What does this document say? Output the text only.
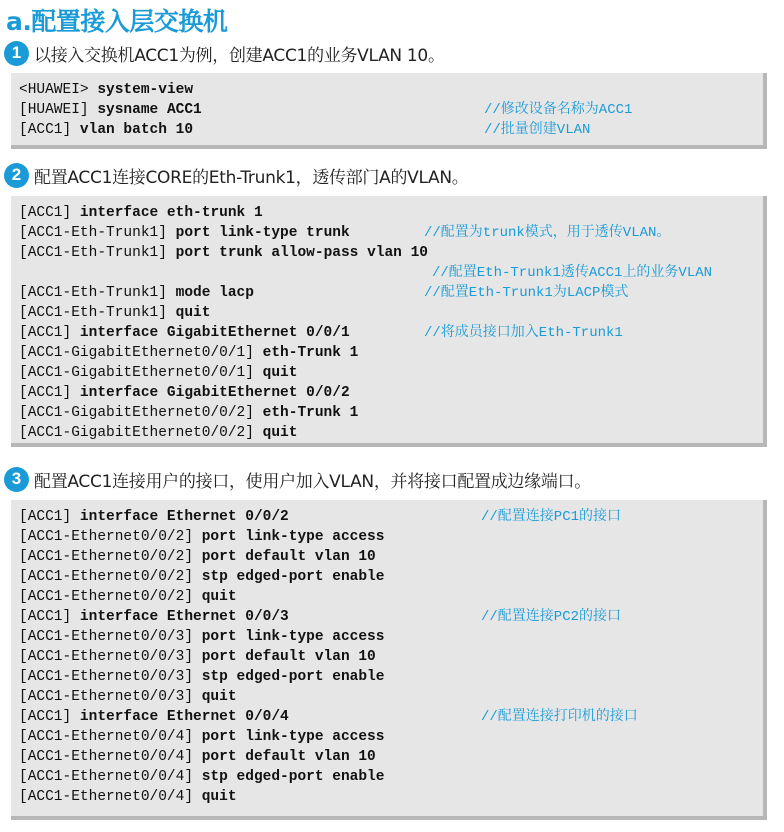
a.配置接入层交换机
1 以接入交换机ACC1为例，创建ACC1的业务VLAN 10。
2 配置ACC1连接CORE的Eth-Trunk1，透传部门A的VLAN。
3 配置ACC1连接用户的接口，使用户加入VLAN，并将接口配置成边缘端口。
<HUAWEI> system-view
[HUAWEI] sysname ACC1	//修改设备名称为ACC1
[ACC1] vlan batch 10	//批量创建VLAN
[ACC1] interface eth-trunk 1
[ACC1-Eth-Trunk1] port link-type trunk	//配置为trunk模式，用于透传VLAN。
[ACC1-Eth-Trunk1] port trunk allow-pass vlan 10
//配置Eth-Trunk1透传ACC1上的业务VLAN
[ACC1-Eth-Trunk1] mode lacp	//配置Eth-Trunk1为LACP模式
[ACC1-Eth-Trunk1] quit
[ACC1] interface GigabitEthernet 0/0/1	//将成员接口加入Eth-Trunk1
[ACC1-GigabitEthernet0/0/1] eth-Trunk 1
[ACC1-GigabitEthernet0/0/1] quit
[ACC1] interface GigabitEthernet 0/0/2
[ACC1-GigabitEthernet0/0/2] eth-Trunk 1
[ACC1-GigabitEthernet0/0/2] quit
[ACC1] interface Ethernet 0/0/2	//配置连接PC1的接口
[ACC1-Ethernet0/0/2] port link-type access
[ACC1-Ethernet0/0/2] port default vlan 10
[ACC1-Ethernet0/0/2] stp edged-port enable
[ACC1-Ethernet0/0/2] quit
[ACC1] interface Ethernet 0/0/3	//配置连接PC2的接口
[ACC1-Ethernet0/0/3] port link-type access
[ACC1-Ethernet0/0/3] port default vlan 10
[ACC1-Ethernet0/0/3] stp edged-port enable
[ACC1-Ethernet0/0/3] quit
[ACC1] interface Ethernet 0/0/4	//配置连接打印机的接口
[ACC1-Ethernet0/0/4] port link-type access
[ACC1-Ethernet0/0/4] port default vlan 10
[ACC1-Ethernet0/0/4] stp edged-port enable
[ACC1-Ethernet0/0/4] quit
